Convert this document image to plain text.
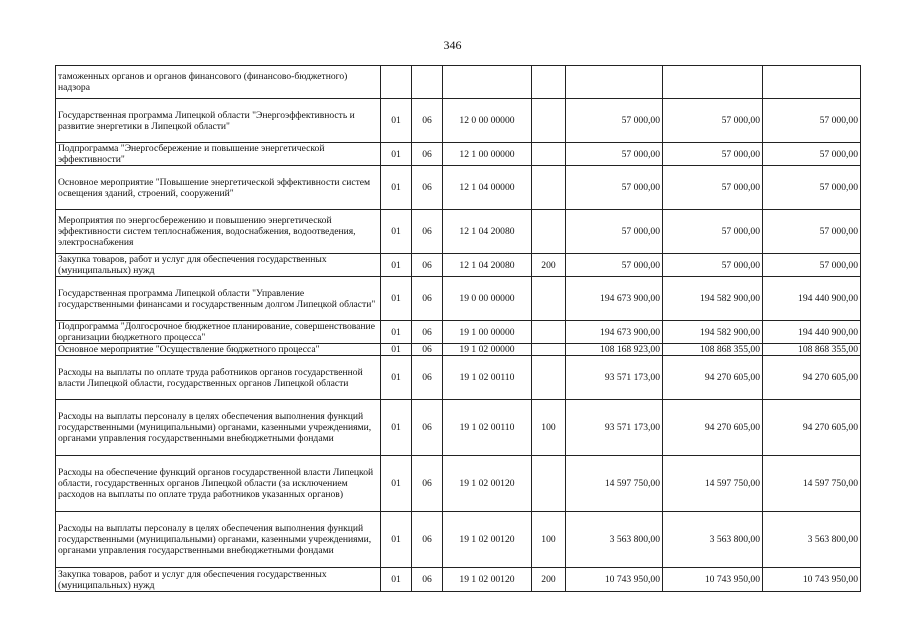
346
таможенных органов и органов финансового (финансово-бюджетного) надзора							
Государственная программа Липецкой области "Энергоэффективность и развитие энергетики в Липецкой области"	01	06	12 0 00 00000		57 000,00	57 000,00	57 000,00
Подпрограмма "Энергосбережение и повышение энергетической эффективности"	01	06	12 1 00 00000		57 000,00	57 000,00	57 000,00
Основное мероприятие "Повышение энергетической эффективности систем освещения зданий, строений, сооружений"	01	06	12 1 04 00000		57 000,00	57 000,00	57 000,00
Мероприятия по энергосбережению и повышению энергетической эффективности систем теплоснабжения, водоснабжения, водоотведения, электроснабжения	01	06	12 1 04 20080		57 000,00	57 000,00	57 000,00
Закупка товаров, работ и услуг для обеспечения государственных (муниципальных) нужд	01	06	12 1 04 20080	200	57 000,00	57 000,00	57 000,00
Государственная программа Липецкой области "Управление государственными финансами и государственным долгом Липецкой области"	01	06	19 0 00 00000		194 673 900,00	194 582 900,00	194 440 900,00
Подпрограмма "Долгосрочное бюджетное планирование, совершенствование организации бюджетного процесса"	01	06	19 1 00 00000		194 673 900,00	194 582 900,00	194 440 900,00
Основное мероприятие "Осуществление бюджетного процесса"	01	06	19 1 02 00000		108 168 923,00	108 868 355,00	108 868 355,00
Расходы на выплаты по оплате труда работников органов государственной власти Липецкой области, государственных органов Липецкой области	01	06	19 1 02 00110		93 571 173,00	94 270 605,00	94 270 605,00
Расходы на выплаты персоналу в целях обеспечения выполнения функций государственными (муниципальными) органами, казенными учреждениями, органами управления государственными внебюджетными фондами	01	06	19 1 02 00110	100	93 571 173,00	94 270 605,00	94 270 605,00
Расходы на обеспечение функций органов государственной власти Липецкой области, государственных органов Липецкой области (за исключением расходов на выплаты по оплате труда работников указанных органов)	01	06	19 1 02 00120		14 597 750,00	14 597 750,00	14 597 750,00
Расходы на выплаты персоналу в целях обеспечения выполнения функций государственными (муниципальными) органами, казенными учреждениями, органами управления государственными внебюджетными фондами	01	06	19 1 02 00120	100	3 563 800,00	3 563 800,00	3 563 800,00
Закупка товаров, работ и услуг для обеспечения государственных (муниципальных) нужд	01	06	19 1 02 00120	200	10 743 950,00	10 743 950,00	10 743 950,00
